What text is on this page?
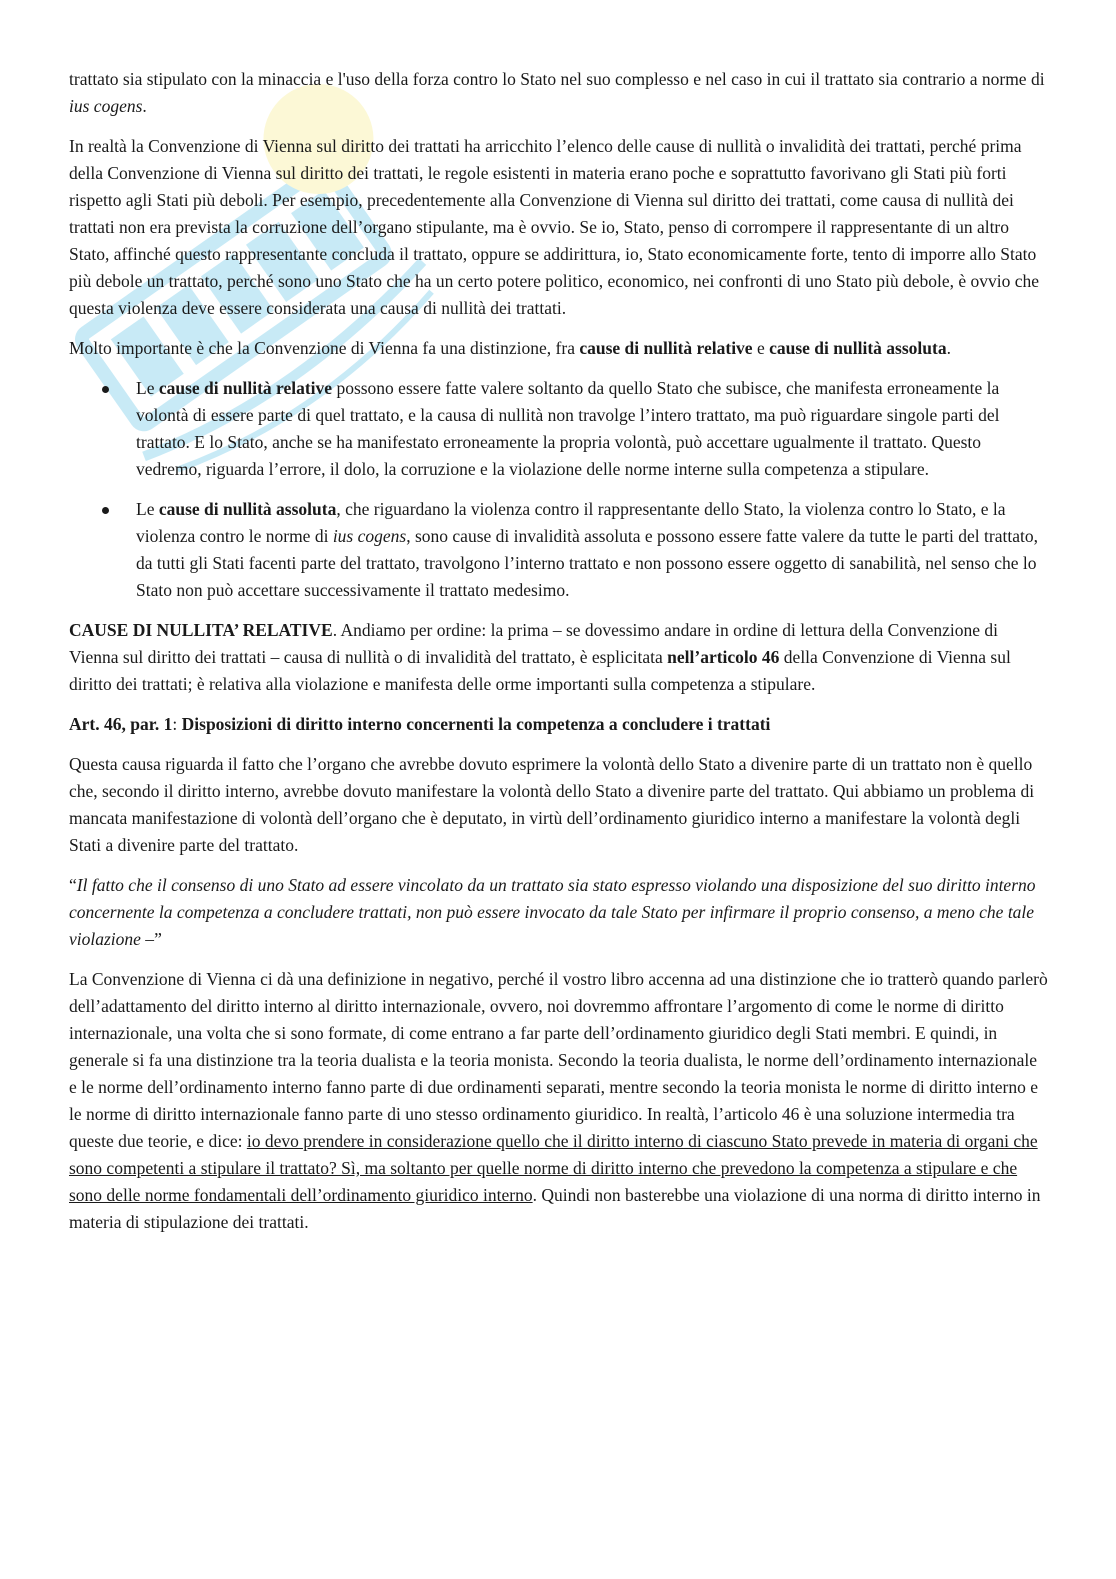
trattato sia stipulato con la minaccia e l'uso della forza contro lo Stato nel suo complesso e nel caso in cui il trattato sia contrario a norme di ius cogens.

In realtà la Convenzione di Vienna sul diritto dei trattati ha arricchito l’elenco delle cause di nullità o invalidità dei trattati, perché prima della Convenzione di Vienna sul diritto dei trattati, le regole esistenti in materia erano poche e soprattutto favorivano gli Stati più forti rispetto agli Stati più deboli. Per esempio, precedentemente alla Convenzione di Vienna sul diritto dei trattati, come causa di nullità dei trattati non era prevista la corruzione dell’organo stipulante, ma è ovvio. Se io, Stato, penso di corrompere il rappresentante di un altro Stato, affinché questo rappresentante concluda il trattato, oppure se addirittura, io, Stato economicamente forte, tento di imporre allo Stato più debole un trattato, perché sono uno Stato che ha un certo potere politico, economico, nei confronti di uno Stato più debole, è ovvio che questa violenza deve essere considerata una causa di nullità dei trattati.

Molto importante è che la Convenzione di Vienna fa una distinzione, fra cause di nullità relative e cause di nullità assoluta.

Le cause di nullità relative possono essere fatte valere soltanto da quello Stato che subisce, che manifesta erroneamente la volontà di essere parte di quel trattato, e la causa di nullità non travolge l’intero trattato, ma può riguardare singole parti del trattato. E lo Stato, anche se ha manifestato erroneamente la propria volontà, può accettare ugualmente il trattato. Questo vedremo, riguarda l’errore, il dolo, la corruzione e la violazione delle norme interne sulla competenza a stipulare.
Le cause di nullità assoluta, che riguardano la violenza contro il rappresentante dello Stato, la violenza contro lo Stato, e la violenza contro le norme di ius cogens, sono cause di invalidità assoluta e possono essere fatte valere da tutte le parti del trattato, da tutti gli Stati facenti parte del trattato, travolgono l’interno trattato e non possono essere oggetto di sanabilità, nel senso che lo Stato non può accettare successivamente il trattato medesimo.

CAUSE DI NULLITA’ RELATIVE. Andiamo per ordine: la prima – se dovessimo andare in ordine di lettura della Convenzione di Vienna sul diritto dei trattati – causa di nullità o di invalidità del trattato, è esplicitata nell’articolo 46 della Convenzione di Vienna sul diritto dei trattati; è relativa alla violazione e manifesta delle orme importanti sulla competenza a stipulare.

Art. 46, par. 1: Disposizioni di diritto interno concernenti la competenza a concludere i trattati

Questa causa riguarda il fatto che l’organo che avrebbe dovuto esprimere la volontà dello Stato a divenire parte di un trattato non è quello che, secondo il diritto interno, avrebbe dovuto manifestare la volontà dello Stato a divenire parte del trattato. Qui abbiamo un problema di mancata manifestazione di volontà dell’organo che è deputato, in virtù dell’ordinamento giuridico interno a manifestare la volontà degli Stati a divenire parte del trattato.

“Il fatto che il consenso di uno Stato ad essere vincolato da un trattato sia stato espresso violando una disposizione del suo diritto interno concernente la competenza a concludere trattati, non può essere invocato da tale Stato per infirmare il proprio consenso, a meno che tale violazione –”

La Convenzione di Vienna ci dà una definizione in negativo, perché il vostro libro accenna ad una distinzione che io tratterò quando parlerò dell’adattamento del diritto interno al diritto internazionale, ovvero, noi dovremmo affrontare l’argomento di come le norme di diritto internazionale, una volta che si sono formate, di come entrano a far parte dell’ordinamento giuridico degli Stati membri. E quindi, in generale si fa una distinzione tra la teoria dualista e la teoria monista. Secondo la teoria dualista, le norme dell’ordinamento internazionale e le norme dell’ordinamento interno fanno parte di due ordinamenti separati, mentre secondo la teoria monista le norme di diritto interno e le norme di diritto internazionale fanno parte di uno stesso ordinamento giuridico. In realtà, l’articolo 46 è una soluzione intermedia tra queste due teorie, e dice: io devo prendere in considerazione quello che il diritto interno di ciascuno Stato prevede in materia di organi che sono competenti a stipulare il trattato? Sì, ma soltanto per quelle norme di diritto interno che prevedono la competenza a stipulare e che sono delle norme fondamentali dell’ordinamento giuridico interno. Quindi non basterebbe una violazione di una norma di diritto interno in materia di stipulazione dei trattati.
